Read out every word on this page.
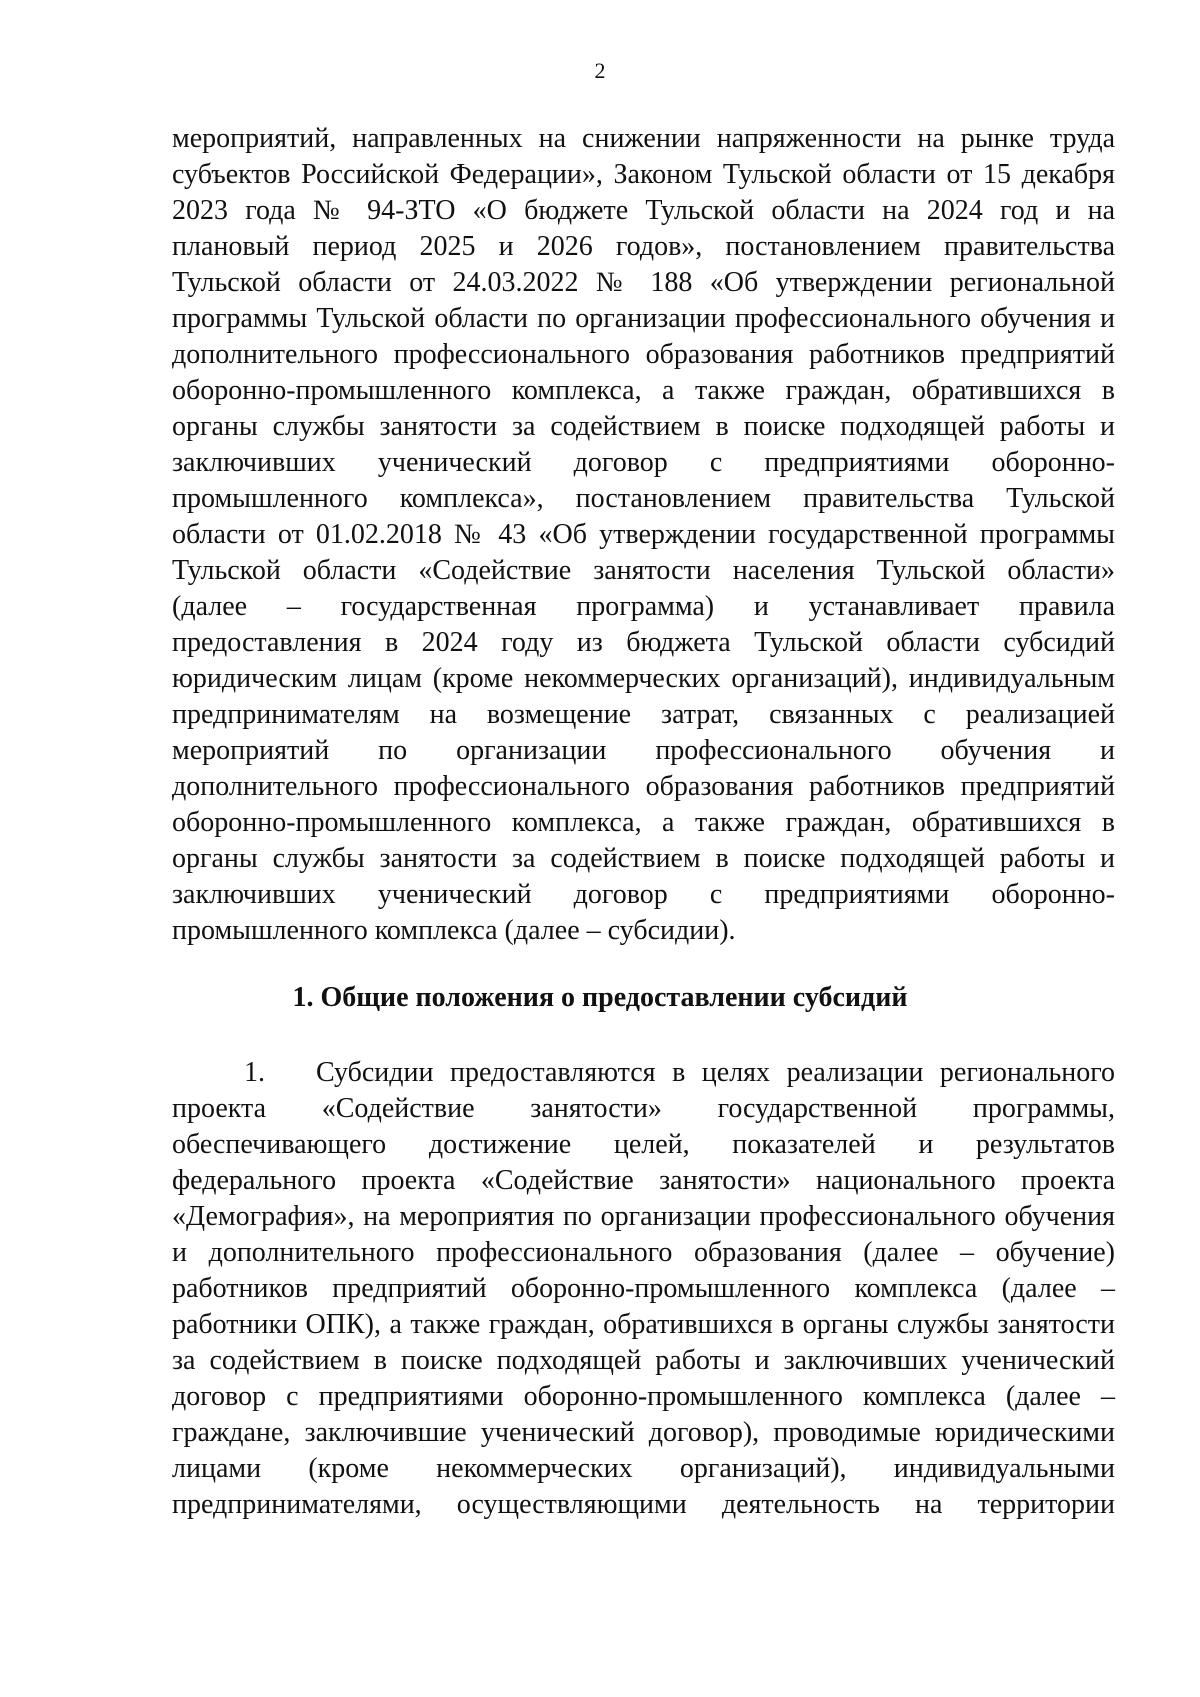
2
мероприятий, направленных на снижении напряженности на рынке труда
субъектов Российской Федерации», Законом Тульской области от 15 декабря
2023 года № 94-ЗТО «О бюджете Тульской области на 2024 год и на
плановый период 2025 и 2026 годов», постановлением правительства
Тульской области от 24.03.2022 № 188 «Об утверждении региональной
программы Тульской области по организации профессионального обучения и
дополнительного профессионального образования работников предприятий
оборонно-промышленного комплекса, а также граждан, обратившихся в
органы службы занятости за содействием в поиске подходящей работы и
заключивших ученический договор с предприятиями оборонно-
промышленного комплекса», постановлением правительства Тульской
области от 01.02.2018 № 43 «Об утверждении государственной программы
Тульской области «Содействие занятости населения Тульской области»
(далее – государственная программа) и устанавливает правила
предоставления в 2024 году из бюджета Тульской области субсидий
юридическим лицам (кроме некоммерческих организаций), индивидуальным
предпринимателям на возмещение затрат, связанных с реализацией
мероприятий по организации профессионального обучения и
дополнительного профессионального образования работников предприятий
оборонно-промышленного комплекса, а также граждан, обратившихся в
органы службы занятости за содействием в поиске подходящей работы и
заключивших ученический договор с предприятиями оборонно-
промышленного комплекса (далее – субсидии).
1. Общие положения о предоставлении субсидий
1.	Субсидии предоставляются в целях реализации регионального
проекта «Содействие занятости» государственной программы,
обеспечивающего достижение целей, показателей и результатов
федерального проекта «Содействие занятости» национального проекта
«Демография», на мероприятия по организации профессионального обучения
и дополнительного профессионального образования (далее – обучение)
работников предприятий оборонно-промышленного комплекса (далее –
работники ОПК), а также граждан, обратившихся в органы службы занятости
за содействием в поиске подходящей работы и заключивших ученический
договор с предприятиями оборонно-промышленного комплекса (далее –
граждане, заключившие ученический договор), проводимые юридическими
лицами (кроме некоммерческих организаций), индивидуальными
предпринимателями, осуществляющими деятельность на территории
